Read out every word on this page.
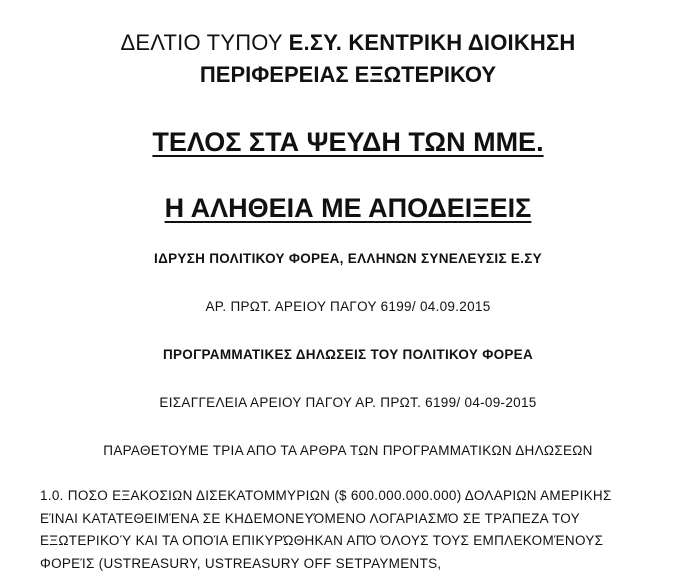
ΔΕΛΤΙΟ ΤΥΠΟΥ Ε.ΣΥ. ΚΕΝΤΡΙΚΗ ΔΙΟΙΚΗΣΗ
ΠΕΡΙΦΕΡΕΙΑΣ ΕΞΩΤΕΡΙΚΟΥ
ΤΕΛΟΣ ΣΤΑ ΨΕΥΔΗ ΤΩΝ ΜΜΕ.
Η ΑΛΗΘΕΙΑ ΜΕ ΑΠΟΔΕΙΞΕΙΣ
ΙΔΡΥΣΗ ΠΟΛΙΤΙΚΟΥ ΦΟΡΕΑ, ΕΛΛΗΝΩΝ ΣΥΝΕΛΕΥΣΙΣ Ε.ΣΥ
ΑΡ. ΠΡΩΤ. ΑΡΕΙΟΥ ΠΑΓΟΥ 6199/ 04.09.2015
ΠΡΟΓΡΑΜΜΑΤΙΚΕΣ ΔΗΛΩΣΕΙΣ ΤΟΥ ΠΟΛΙΤΙΚΟΥ ΦΟΡΕΑ
ΕΙΣΑΓΓΕΛΕΙΑ ΑΡΕΙΟΥ ΠΑΓΟΥ ΑΡ. ΠΡΩΤ. 6199/ 04-09-2015
ΠΑΡΑΘΕΤΟΥΜΕ ΤΡΙΑ ΑΠΟ ΤΑ ΑΡΘΡΑ ΤΩΝ ΠΡΟΓΡΑΜΜΑΤΙΚΩΝ ΔΗΛΩΣΕΩΝ
1.0. ΠΟΣΟ ΕΞΑΚΟΣΙΩΝ ΔΙΣΕΚΑΤΟΜΜΥΡΙΩΝ ($ 600.000.000.000) ΔΟΛΑΡΙΩΝ ΑΜΕΡΙΚΗΣ
ΕΊΝΑΙ ΚΑΤΑΤΕΘΕΙΜΈΝΑ ΣΕ ΚΗΔΕΜΟΝΕΥΌΜΕΝΟ ΛΟΓΑΡΙΑΣΜΌ ΣΕ ΤΡΆΠΕΖΑ ΤΟΥ
ΕΞΩΤΕΡΙΚΟΎ ΚΑΙ ΤΑ ΟΠΟΊΑ ΕΠΙΚΥΡΏΘΗΚΑΝ ΑΠΌ ΌΛΟΥΣ ΤΟΥΣ ΕΜΠΛΕΚΟΜΈΝΟΥΣ
ΦΟΡΕΊΣ (USTREASURY, USTREASURY OFF SETPAYMENTS,
